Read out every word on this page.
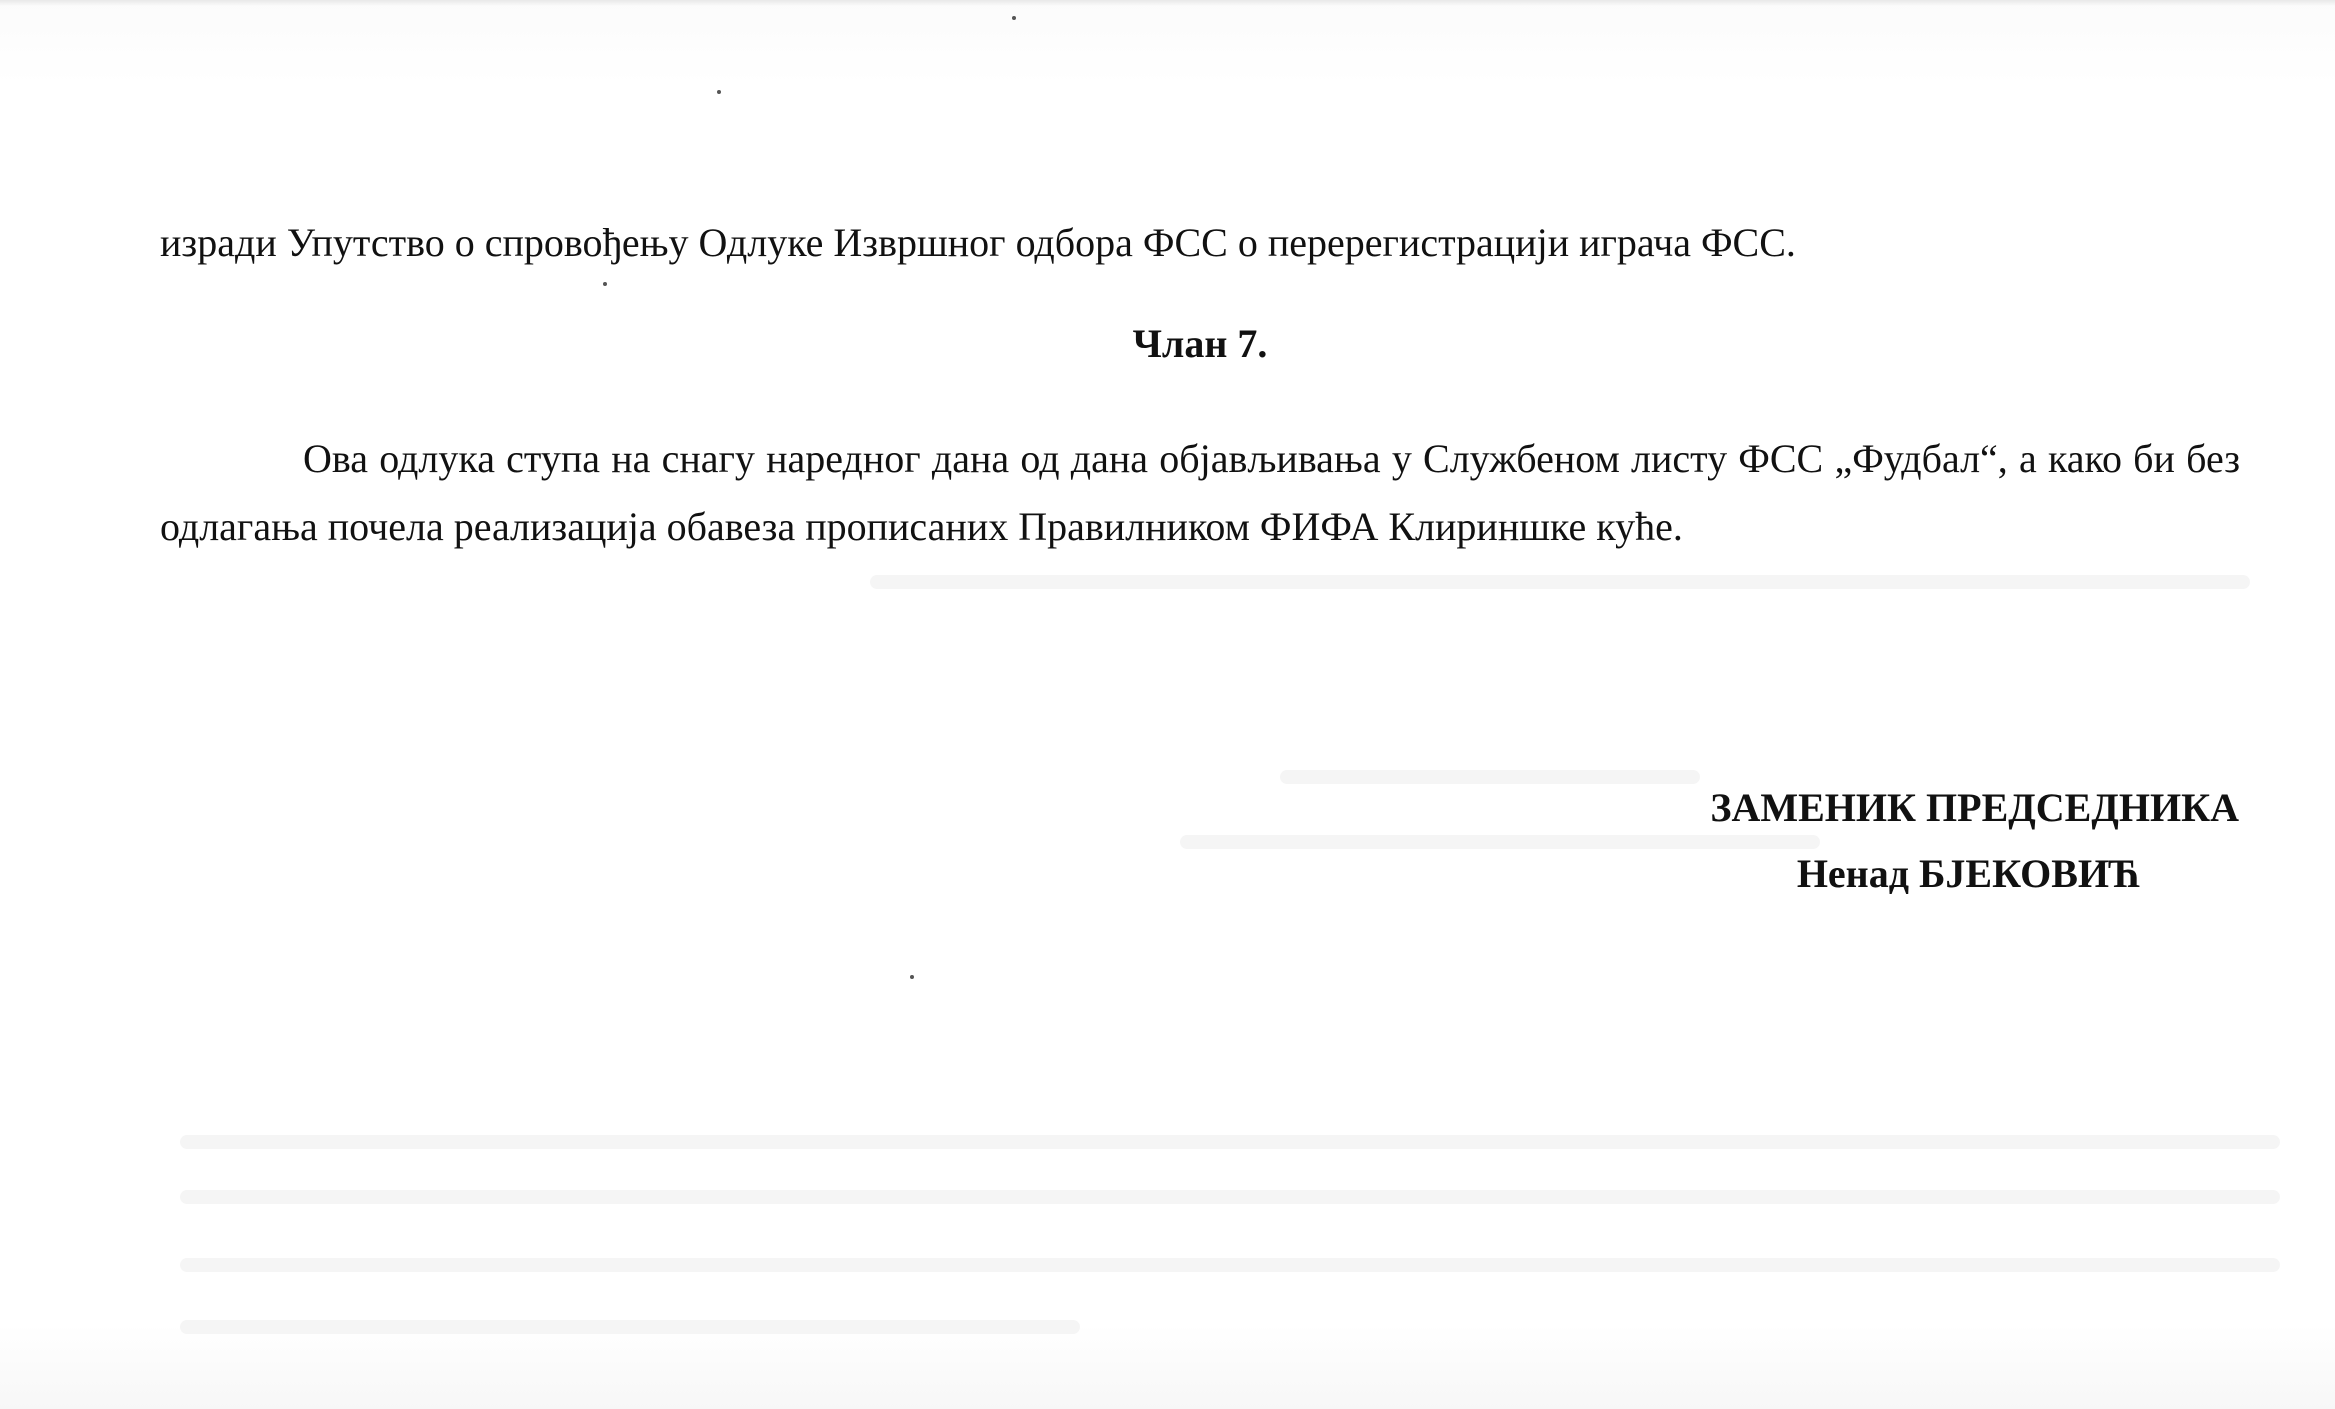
изради Упутство о спровођењу Одлуке Извршног одбора ФСС о перерегистрацији играча ФСС.
Члан 7.
Ова одлука ступа на снагу наредног дана од дана објављивања у Службеном листу ФСС „Фудбал“, а како би без одлагања почела реализација обавеза прописаних Правилником ФИФА Клириншке куће.
ЗАМЕНИК ПРЕДСЕДНИКА
Ненад БЈЕКОВИЋ
